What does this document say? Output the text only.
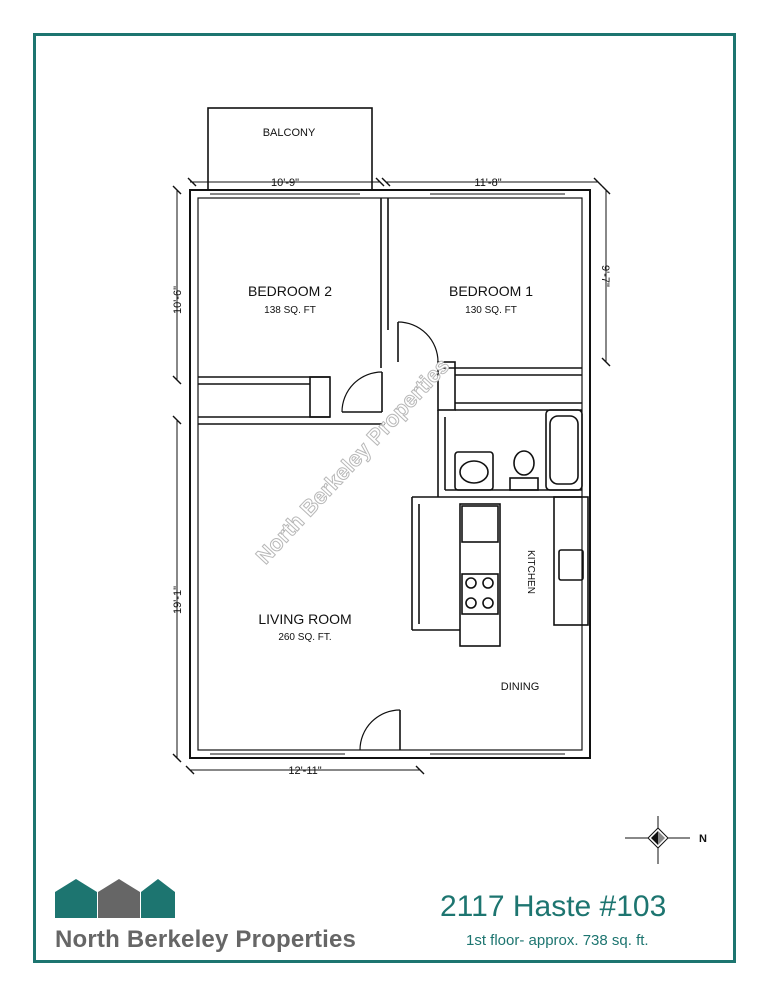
BALCONY
BEDROOM 2
138 SQ. FT
BEDROOM 1
130 SQ. FT
LIVING ROOM
260 SQ. FT.
DINING
KITCHEN
10'-9"	11'-8"
10'-6"
19'-1"
9'-7"
12'-11"
North Berkeley Properties
N
North Berkeley Properties
2117 Haste #103
1st floor- approx. 738 sq. ft.
